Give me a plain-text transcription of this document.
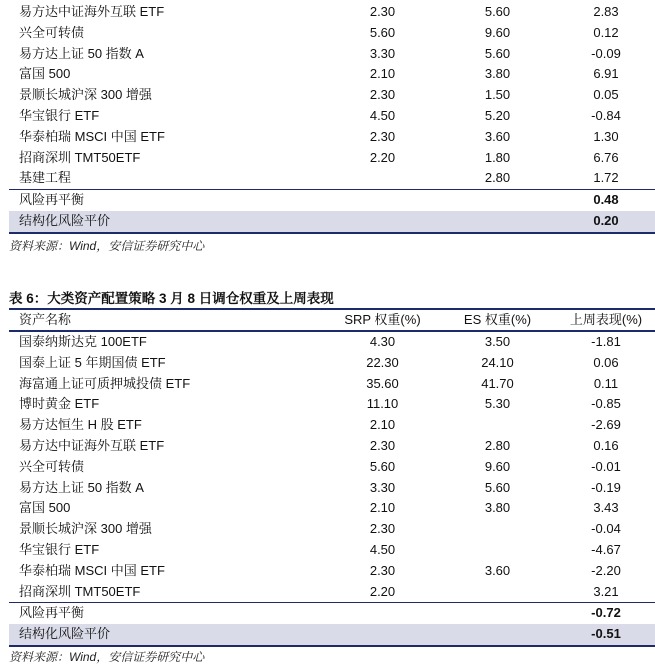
易方达中证海外互联 ETF	2.30	5.60	2.83
兴全可转债	5.60	9.60	0.12
易方达上证 50 指数 A	3.30	5.60	-0.09
富国 500	2.10	3.80	6.91
景顺长城沪深 300 增强	2.30	1.50	0.05
华宝银行 ETF	4.50	5.20	-0.84
华泰柏瑞 MSCI 中国 ETF	2.30	3.60	1.30
招商深圳 TMT50ETF	2.20	1.80	6.76
基建工程		2.80	1.72
风险再平衡			0.48
结构化风险平价			0.20
资料来源：Wind，安信证券研究中心
表 6：大类资产配置策略 3 月 8 日调仓权重及上周表现
资产名称	SRP 权重(%)	ES 权重(%)	上周表现(%)
国泰纳斯达克 100ETF	4.30	3.50	-1.81
国泰上证 5 年期国债 ETF	22.30	24.10	0.06
海富通上证可质押城投债 ETF	35.60	41.70	0.11
博时黄金 ETF	11.10	5.30	-0.85
易方达恒生 H 股 ETF	2.10		-2.69
易方达中证海外互联 ETF	2.30	2.80	0.16
兴全可转债	5.60	9.60	-0.01
易方达上证 50 指数 A	3.30	5.60	-0.19
富国 500	2.10	3.80	3.43
景顺长城沪深 300 增强	2.30		-0.04
华宝银行 ETF	4.50		-4.67
华泰柏瑞 MSCI 中国 ETF	2.30	3.60	-2.20
招商深圳 TMT50ETF	2.20		3.21
风险再平衡			-0.72
结构化风险平价			-0.51
资料来源：Wind，安信证券研究中心
